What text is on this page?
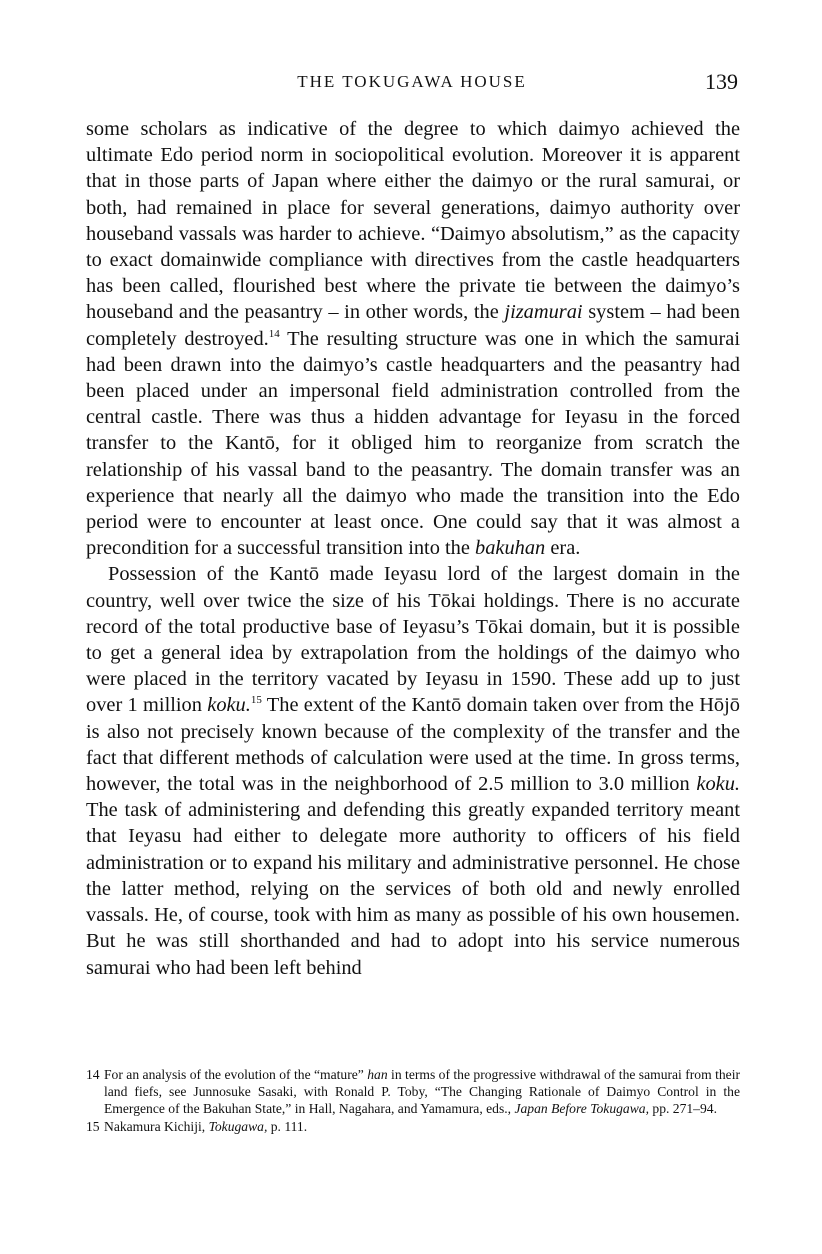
THE TOKUGAWA HOUSE	139

some scholars as indicative of the degree to which daimyo achieved the ultimate Edo period norm in sociopolitical evolution. Moreover it is apparent that in those parts of Japan where either the daimyo or the rural samurai, or both, had remained in place for several generations, daimyo authority over houseband vassals was harder to achieve. “Daimyo absolutism,” as the capacity to exact domainwide compliance with directives from the castle headquarters has been called, flourished best where the private tie between the daimyo’s houseband and the peasantry – in other words, the jizamurai system – had been completely destroyed.$^{14}$ The resulting structure was one in which the samurai had been drawn into the daimyo’s castle headquarters and the peasantry had been placed under an impersonal field administration controlled from the central castle. There was thus a hidden advantage for Ieyasu in the forced transfer to the Kantō, for it obliged him to reorganize from scratch the relationship of his vassal band to the peasantry. The domain transfer was an experience that nearly all the daimyo who made the transition into the Edo period were to encounter at least once. One could say that it was almost a precondition for a successful transition into the bakuhan era.

Possession of the Kantō made Ieyasu lord of the largest domain in the country, well over twice the size of his Tōkai holdings. There is no accurate record of the total productive base of Ieyasu’s Tōkai domain, but it is possible to get a general idea by extrapolation from the holdings of the daimyo who were placed in the territory vacated by Ieyasu in 1590. These add up to just over 1 million koku.$^{15}$ The extent of the Kantō domain taken over from the Hōjō is also not precisely known because of the complexity of the transfer and the fact that different methods of calculation were used at the time. In gross terms, however, the total was in the neighborhood of 2.5 million to 3.0 million koku. The task of administering and defending this greatly expanded territory meant that Ieyasu had either to delegate more authority to officers of his field administration or to expand his military and administrative personnel. He chose the latter method, relying on the services of both old and newly enrolled vassals. He, of course, took with him as many as possible of his own housemen. But he was still shorthanded and had to adopt into his service numerous samurai who had been left behind

14 For an analysis of the evolution of the “mature” han in terms of the progressive withdrawal of the samurai from their land fiefs, see Junnosuke Sasaki, with Ronald P. Toby, “The Changing Rationale of Daimyo Control in the Emergence of the Bakuhan State,” in Hall, Nagahara, and Yamamura, eds., Japan Before Tokugawa, pp. 271–94.
15 Nakamura Kichiji, Tokugawa, p. 111.
